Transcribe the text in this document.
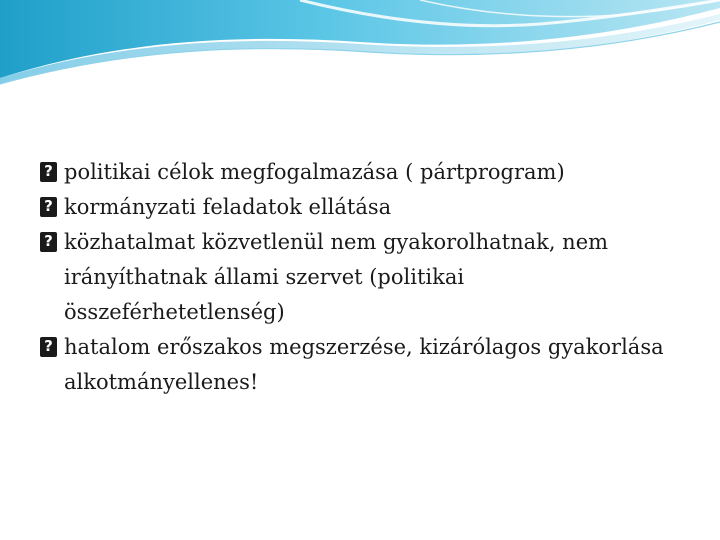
?
politikai célok megfogalmazása ( pártprogram)
?
kormányzati feladatok ellátása
?
közhatalmat közvetlenül nem gyakorolhatnak, nem irányíthatnak állami szervet (politikai összeférhetetlenség)
?
hatalom erőszakos megszerzése, kizárólagos gyakorlása alkotmányellenes!
